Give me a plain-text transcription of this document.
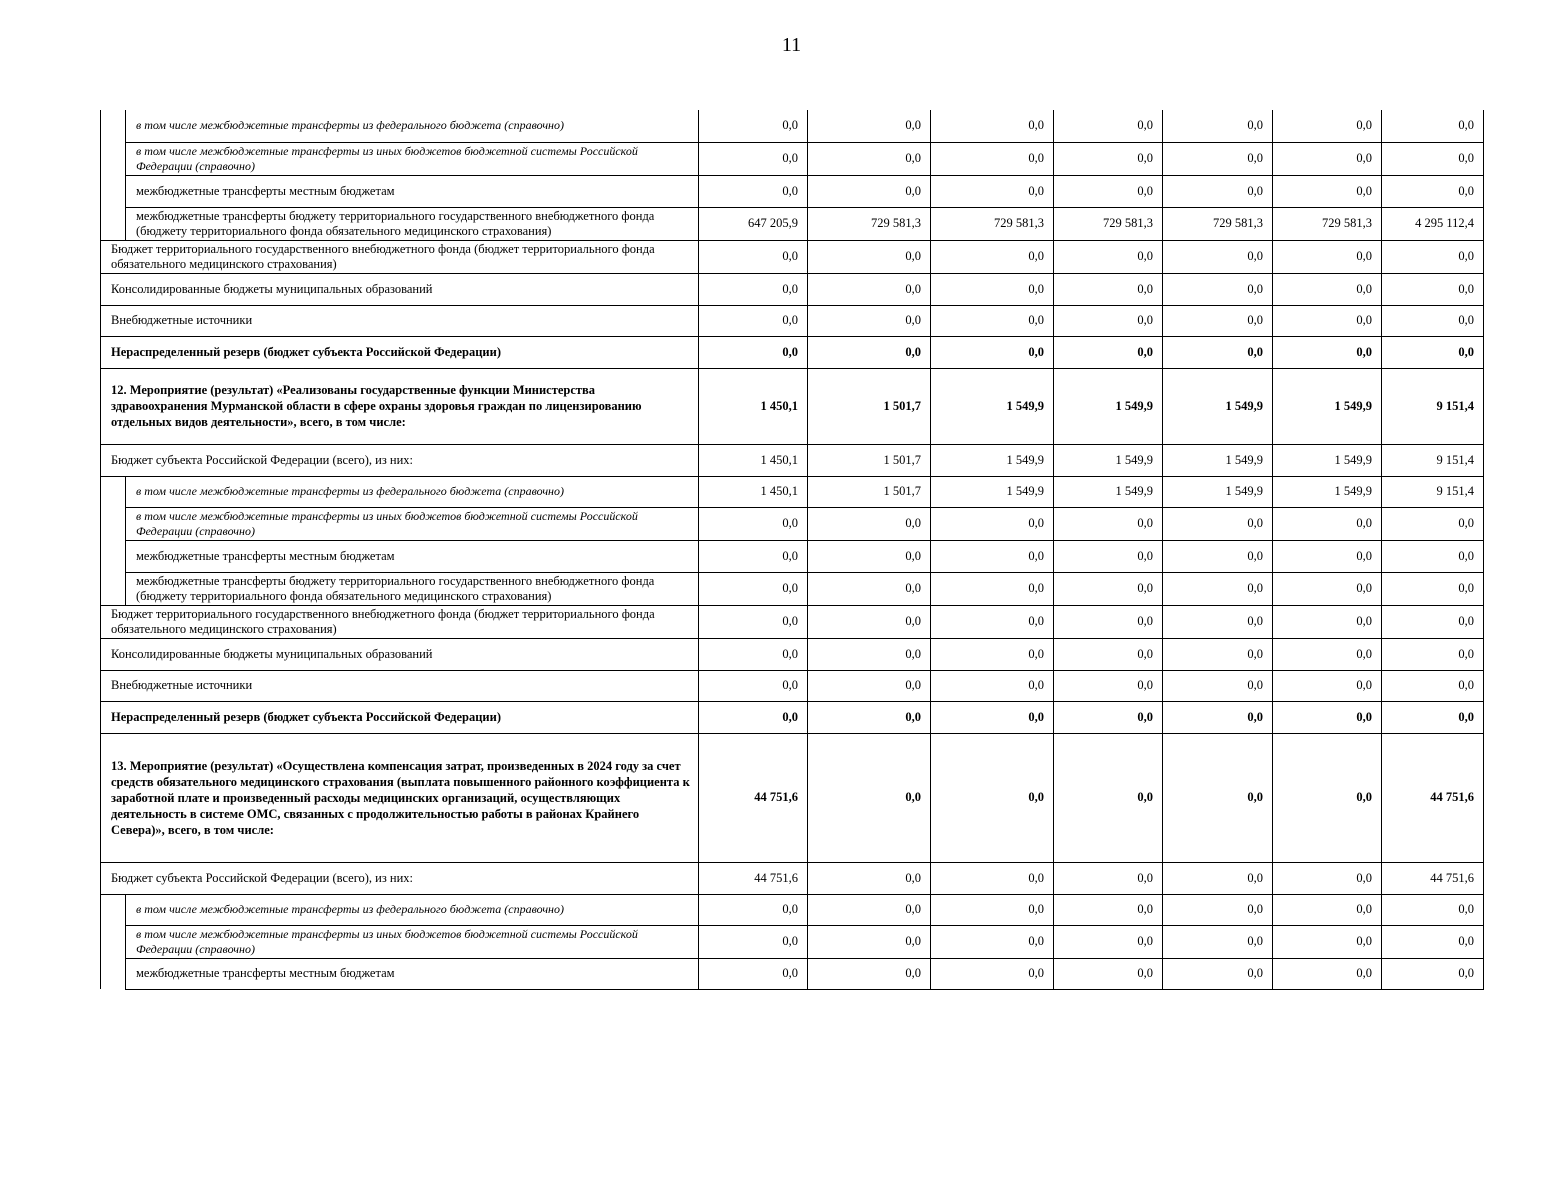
11
	в том числе межбюджетные трансферты из федерального бюджета (справочно)	0,0	0,0	0,0	0,0	0,0	0,0	0,0
	в том числе межбюджетные трансферты из иных бюджетов бюджетной системы Российской Федерации (справочно)	0,0	0,0	0,0	0,0	0,0	0,0	0,0
	межбюджетные трансферты местным бюджетам	0,0	0,0	0,0	0,0	0,0	0,0	0,0
	межбюджетные трансферты бюджету территориального государственного внебюджетного фонда (бюджету территориального фонда обязательного медицинского страхования)	647 205,9	729 581,3	729 581,3	729 581,3	729 581,3	729 581,3	4 295 112,4
Бюджет территориального государственного внебюджетного фонда (бюджет территориального фонда обязательного медицинского страхования)		0,0	0,0	0,0	0,0	0,0	0,0	0,0
Консолидированные бюджеты муниципальных образований		0,0	0,0	0,0	0,0	0,0	0,0	0,0
Внебюджетные источники		0,0	0,0	0,0	0,0	0,0	0,0	0,0
Нераспределенный резерв (бюджет субъекта Российской Федерации)		0,0	0,0	0,0	0,0	0,0	0,0	0,0
12. Мероприятие (результат) «Реализованы государственные функции Министерства здравоохранения Мурманской области в сфере охраны здоровья граждан по лицензированию отдельных видов деятельности», всего, в том числе:		1 450,1	1 501,7	1 549,9	1 549,9	1 549,9	1 549,9	9 151,4
Бюджет субъекта Российской Федерации (всего), из них:		1 450,1	1 501,7	1 549,9	1 549,9	1 549,9	1 549,9	9 151,4
	в том числе межбюджетные трансферты из федерального бюджета (справочно)	1 450,1	1 501,7	1 549,9	1 549,9	1 549,9	1 549,9	9 151,4
	в том числе межбюджетные трансферты из иных бюджетов бюджетной системы Российской Федерации (справочно)	0,0	0,0	0,0	0,0	0,0	0,0	0,0
	межбюджетные трансферты местным бюджетам	0,0	0,0	0,0	0,0	0,0	0,0	0,0
	межбюджетные трансферты бюджету территориального государственного внебюджетного фонда (бюджету территориального фонда обязательного медицинского страхования)	0,0	0,0	0,0	0,0	0,0	0,0	0,0
Бюджет территориального государственного внебюджетного фонда (бюджет территориального фонда обязательного медицинского страхования)		0,0	0,0	0,0	0,0	0,0	0,0	0,0
Консолидированные бюджеты муниципальных образований		0,0	0,0	0,0	0,0	0,0	0,0	0,0
Внебюджетные источники		0,0	0,0	0,0	0,0	0,0	0,0	0,0
Нераспределенный резерв (бюджет субъекта Российской Федерации)		0,0	0,0	0,0	0,0	0,0	0,0	0,0
13. Мероприятие (результат) «Осуществлена компенсация затрат, произведенных в 2024 году за счет средств обязательного медицинского страхования (выплата повышенного районного коэффициента к заработной плате и произведенный расходы медицинских организаций, осуществляющих деятельность в системе ОМС, связанных с продолжительностью работы в районах Крайнего Севера)», всего, в том числе:		44 751,6	0,0	0,0	0,0	0,0	0,0	44 751,6
Бюджет субъекта Российской Федерации (всего), из них:		44 751,6	0,0	0,0	0,0	0,0	0,0	44 751,6
	в том числе межбюджетные трансферты из федерального бюджета (справочно)	0,0	0,0	0,0	0,0	0,0	0,0	0,0
	в том числе межбюджетные трансферты из иных бюджетов бюджетной системы Российской Федерации (справочно)	0,0	0,0	0,0	0,0	0,0	0,0	0,0
	межбюджетные трансферты местным бюджетам	0,0	0,0	0,0	0,0	0,0	0,0	0,0
